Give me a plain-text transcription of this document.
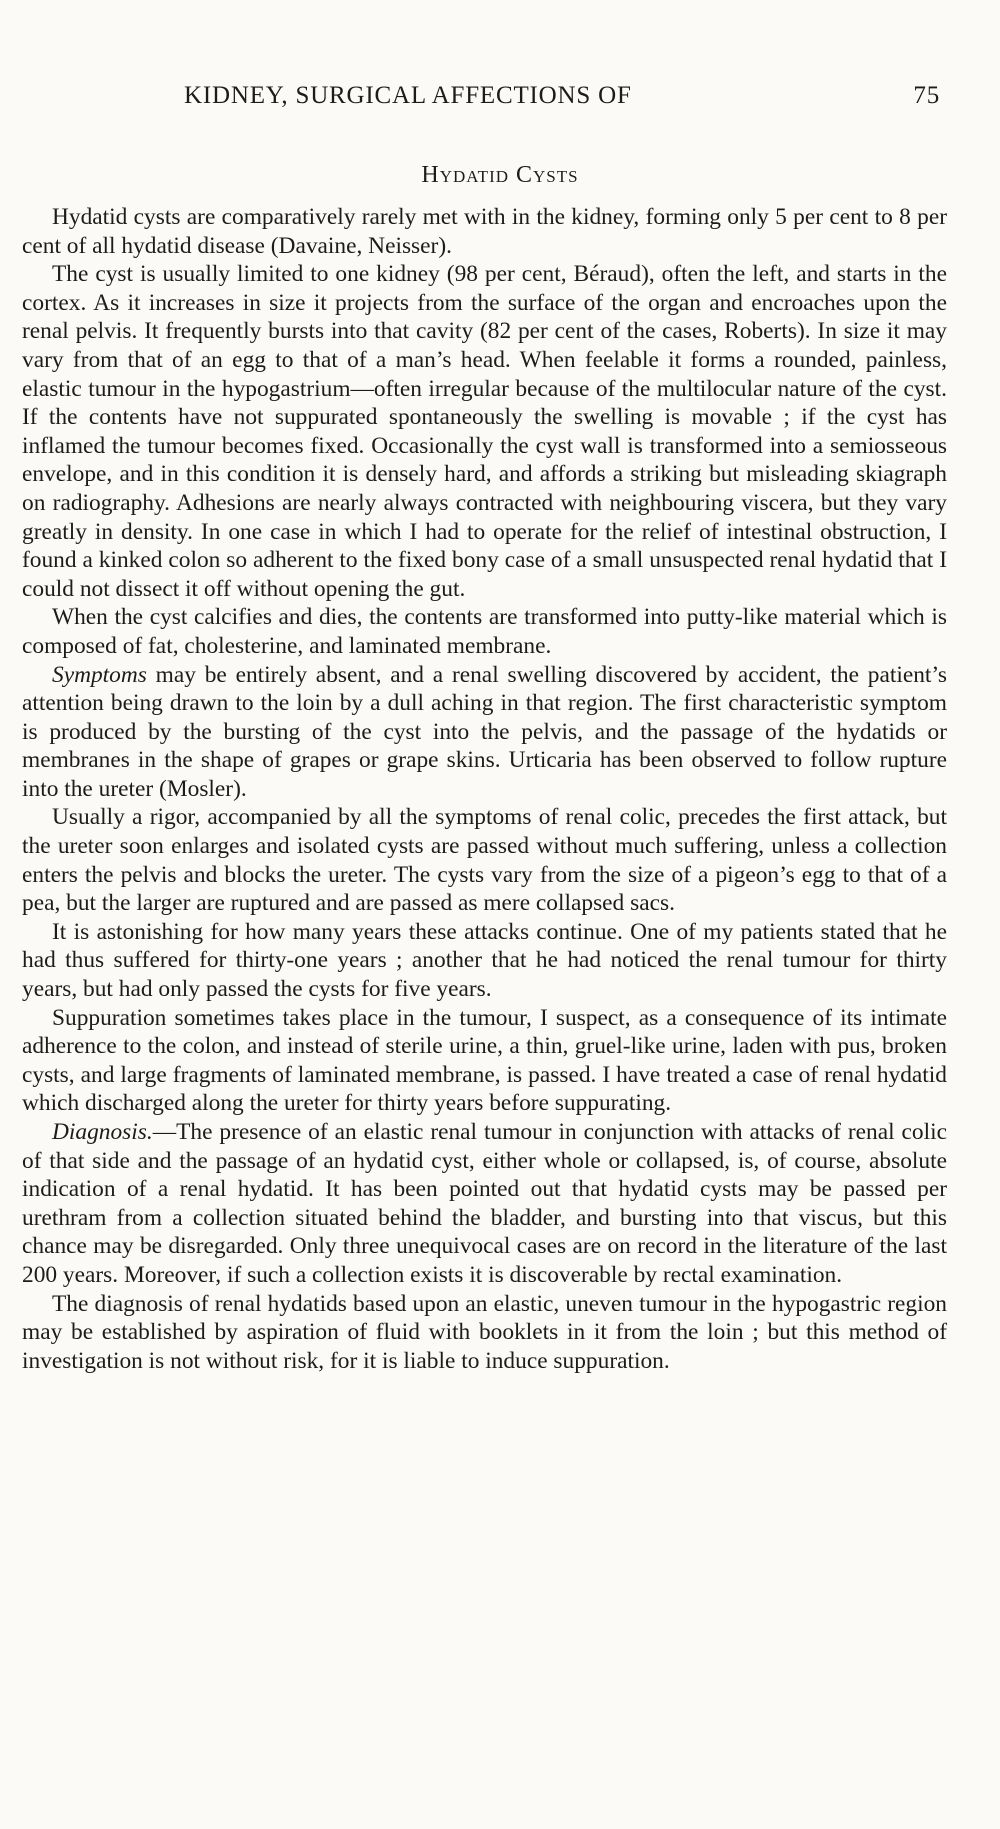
KIDNEY, SURGICAL AFFECTIONS OF	75
Hydatid Cysts

Hydatid cysts are comparatively rarely met with in the kidney, forming only 5 per cent to 8 per cent of all hydatid disease (Davaine, Neisser).

The cyst is usually limited to one kidney (98 per cent, Béraud), often the left, and starts in the cortex. As it increases in size it projects from the surface of the organ and encroaches upon the renal pelvis. It frequently bursts into that cavity (82 per cent of the cases, Roberts). In size it may vary from that of an egg to that of a man’s head. When feelable it forms a rounded, painless, elastic tumour in the hypogastrium—often irregular because of the multilocular nature of the cyst. If the contents have not suppurated spontaneously the swelling is movable ; if the cyst has inflamed the tumour becomes fixed. Occasionally the cyst wall is transformed into a semiosseous envelope, and in this condition it is densely hard, and affords a striking but misleading skiagraph on radiography. Adhesions are nearly always contracted with neighbouring viscera, but they vary greatly in density. In one case in which I had to operate for the relief of intestinal obstruction, I found a kinked colon so adherent to the fixed bony case of a small unsuspected renal hydatid that I could not dissect it off without opening the gut.

When the cyst calcifies and dies, the contents are transformed into putty-like material which is composed of fat, cholesterine, and laminated membrane.

Symptoms may be entirely absent, and a renal swelling discovered by accident, the patient’s attention being drawn to the loin by a dull aching in that region. The first characteristic symptom is produced by the bursting of the cyst into the pelvis, and the passage of the hydatids or membranes in the shape of grapes or grape skins. Urticaria has been observed to follow rupture into the ureter (Mosler).

Usually a rigor, accompanied by all the symptoms of renal colic, precedes the first attack, but the ureter soon enlarges and isolated cysts are passed without much suffering, unless a collection enters the pelvis and blocks the ureter. The cysts vary from the size of a pigeon’s egg to that of a pea, but the larger are ruptured and are passed as mere collapsed sacs.

It is astonishing for how many years these attacks continue. One of my patients stated that he had thus suffered for thirty-one years ; another that he had noticed the renal tumour for thirty years, but had only passed the cysts for five years.

Suppuration sometimes takes place in the tumour, I suspect, as a consequence of its intimate adherence to the colon, and instead of sterile urine, a thin, gruel-like urine, laden with pus, broken cysts, and large fragments of laminated membrane, is passed. I have treated a case of renal hydatid which discharged along the ureter for thirty years before suppurating.

Diagnosis.—The presence of an elastic renal tumour in conjunction with attacks of renal colic of that side and the passage of an hydatid cyst, either whole or collapsed, is, of course, absolute indication of a renal hydatid. It has been pointed out that hydatid cysts may be passed per urethram from a collection situated behind the bladder, and bursting into that viscus, but this chance may be disregarded. Only three unequivocal cases are on record in the literature of the last 200 years. Moreover, if such a collection exists it is discoverable by rectal examination.

The diagnosis of renal hydatids based upon an elastic, uneven tumour in the hypogastric region may be established by aspiration of fluid with booklets in it from the loin ; but this method of investigation is not without risk, for it is liable to induce suppuration.
